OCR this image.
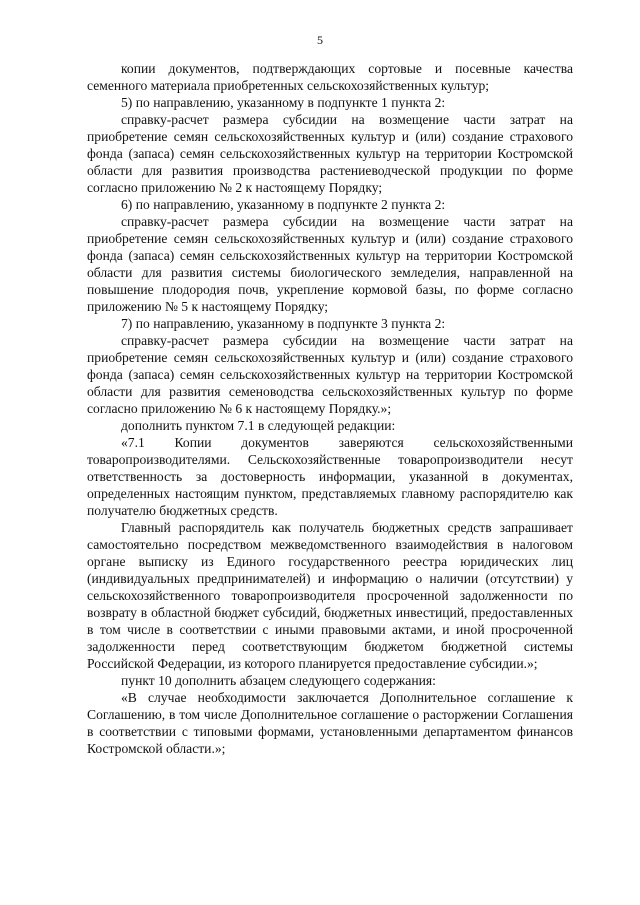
5

копии документов, подтверждающих сортовые и посевные качества семенного материала приобретенных сельскохозяйственных культур;

5) по направлению, указанному в подпункте 1 пункта 2:

справку-расчет размера субсидии на возмещение части затрат на приобретение семян сельскохозяйственных культур и (или) создание страхового фонда (запаса) семян сельскохозяйственных культур на территории Костромской области для развития производства растениеводческой продукции по форме согласно приложению № 2 к настоящему Порядку;

6) по направлению, указанному в подпункте 2 пункта 2:

справку-расчет размера субсидии на возмещение части затрат на приобретение семян сельскохозяйственных культур и (или) создание страхового фонда (запаса) семян сельскохозяйственных культур на территории Костромской области для развития системы биологического земледелия, направленной на повышение плодородия почв, укрепление кормовой базы, по форме согласно приложению № 5 к настоящему Порядку;

7) по направлению, указанному в подпункте 3 пункта 2:

справку-расчет размера субсидии на возмещение части затрат на приобретение семян сельскохозяйственных культур и (или) создание страхового фонда (запаса) семян сельскохозяйственных культур на территории Костромской области для развития семеноводства сельскохозяйственных культур по форме согласно приложению № 6 к настоящему Порядку.»;

дополнить пунктом 7.1 в следующей редакции:

«7.1 Копии документов заверяются сельскохозяйственными товаропроизводителями. Сельскохозяйственные товаропроизводители несут ответственность за достоверность информации, указанной в документах, определенных настоящим пунктом, представляемых главному распорядителю как получателю бюджетных средств.

Главный распорядитель как получатель бюджетных средств запрашивает самостоятельно посредством межведомственного взаимодействия в налоговом органе выписку из Единого государственного реестра юридических лиц (индивидуальных предпринимателей) и информацию о наличии (отсутствии) у сельскохозяйственного товаропроизводителя просроченной задолженности по возврату в областной бюджет субсидий, бюджетных инвестиций, предоставленных в том числе в соответствии с иными правовыми актами, и иной просроченной задолженности перед соответствующим бюджетом бюджетной системы Российской Федерации, из которого планируется предоставление субсидии.»;

пункт 10 дополнить абзацем следующего содержания:

«В случае необходимости заключается Дополнительное соглашение к Соглашению, в том числе Дополнительное соглашение о расторжении Соглашения в соответствии с типовыми формами, установленными департаментом финансов Костромской области.»;
